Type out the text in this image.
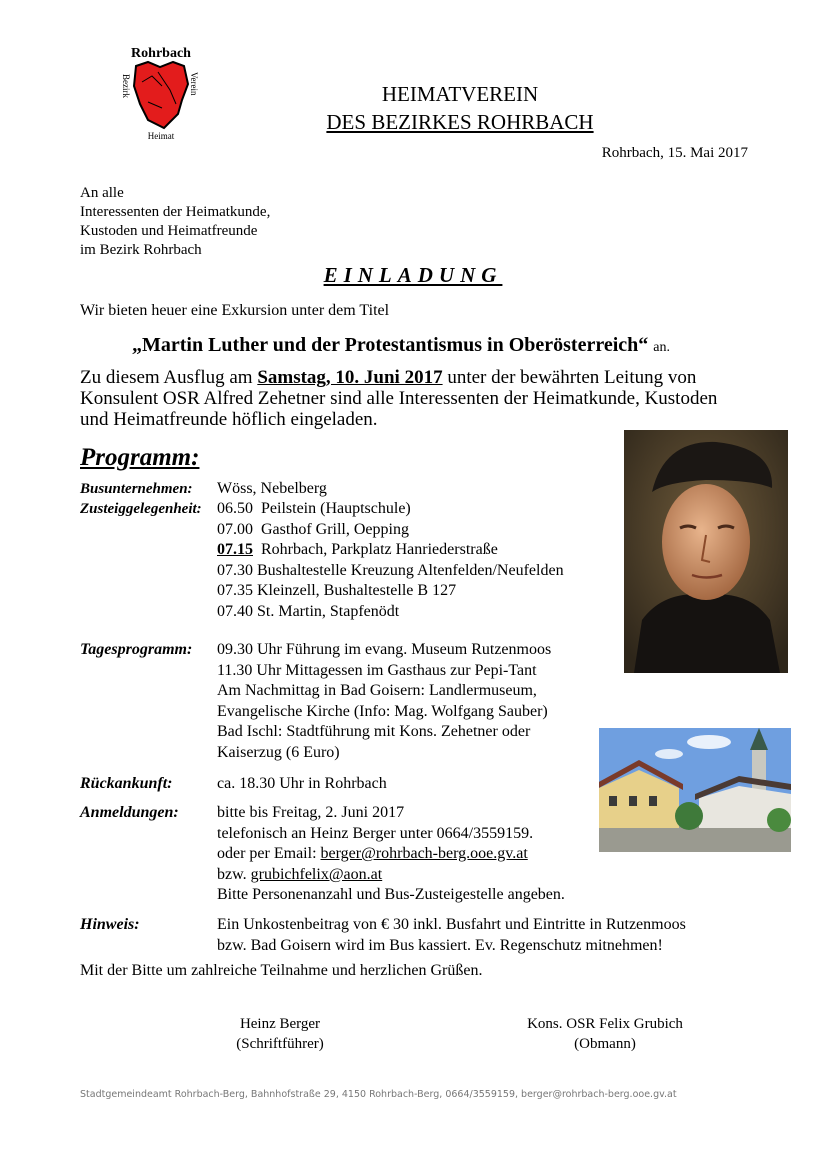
Rohrbach
Bezirk	Verein
Heimat
HEIMATVEREIN
DES BEZIRKES ROHRBACH
Rohrbach, 15. Mai 2017
An alle
Interessenten der Heimatkunde,
Kustoden und Heimatfreunde
im Bezirk Rohrbach
EINLADUNG
Wir bieten heuer eine Exkursion unter dem Titel
„Martin Luther und der Protestantismus in Oberösterreich“ an.
Zu diesem Ausflug am Samstag, 10. Juni 2017 unter der bewährten Leitung von Konsulent OSR Alfred Zehetner sind alle Interessenten der Heimatkunde, Kustoden und Heimatfreunde höflich eingeladen.
Programm:
Busunternehmen: Wöss, Nebelberg
Zusteiggelegenheit: 06.50  Peilstein (Hauptschule)
07.00  Gasthof Grill, Oepping
07.15  Rohrbach, Parkplatz Hanriederstraße
07.30 Bushaltestelle Kreuzung Altenfelden/Neufelden
07.35 Kleinzell, Bushaltestelle B 127
07.40 St. Martin, Stapfenödt
Tagesprogramm: 09.30 Uhr Führung im evang. Museum Rutzenmoos
11.30 Uhr Mittagessen im Gasthaus zur Pepi-Tant
Am Nachmittag in Bad Goisern: Landlermuseum,
Evangelische Kirche (Info: Mag. Wolfgang Sauber)
Bad Ischl: Stadtführung mit Kons. Zehetner oder
Kaiserzug (6 Euro)
Rückankunft:	ca. 18.30 Uhr in Rohrbach
Anmeldungen: bitte bis Freitag, 2. Juni 2017
telefonisch an Heinz Berger unter 0664/3559159.
oder per Email: berger@rohrbach-berg.ooe.gv.at
bzw. grubichfelix@aon.at
Bitte Personenanzahl und Bus-Zusteigestelle angeben.
Hinweis:	Ein Unkostenbeitrag von € 30 inkl. Busfahrt und Eintritte in Rutzenmoos
bzw. Bad Goisern wird im Bus kassiert. Ev. Regenschutz mitnehmen!
Mit der Bitte um zahlreiche Teilnahme und herzlichen Grüßen.
Heinz Berger
(Schriftführer)
Kons. OSR Felix Grubich
(Obmann)
Stadtgemeindeamt Rohrbach-Berg, Bahnhofstraße 29, 4150 Rohrbach-Berg, 0664/3559159, berger@rohrbach-berg.ooe.gv.at
